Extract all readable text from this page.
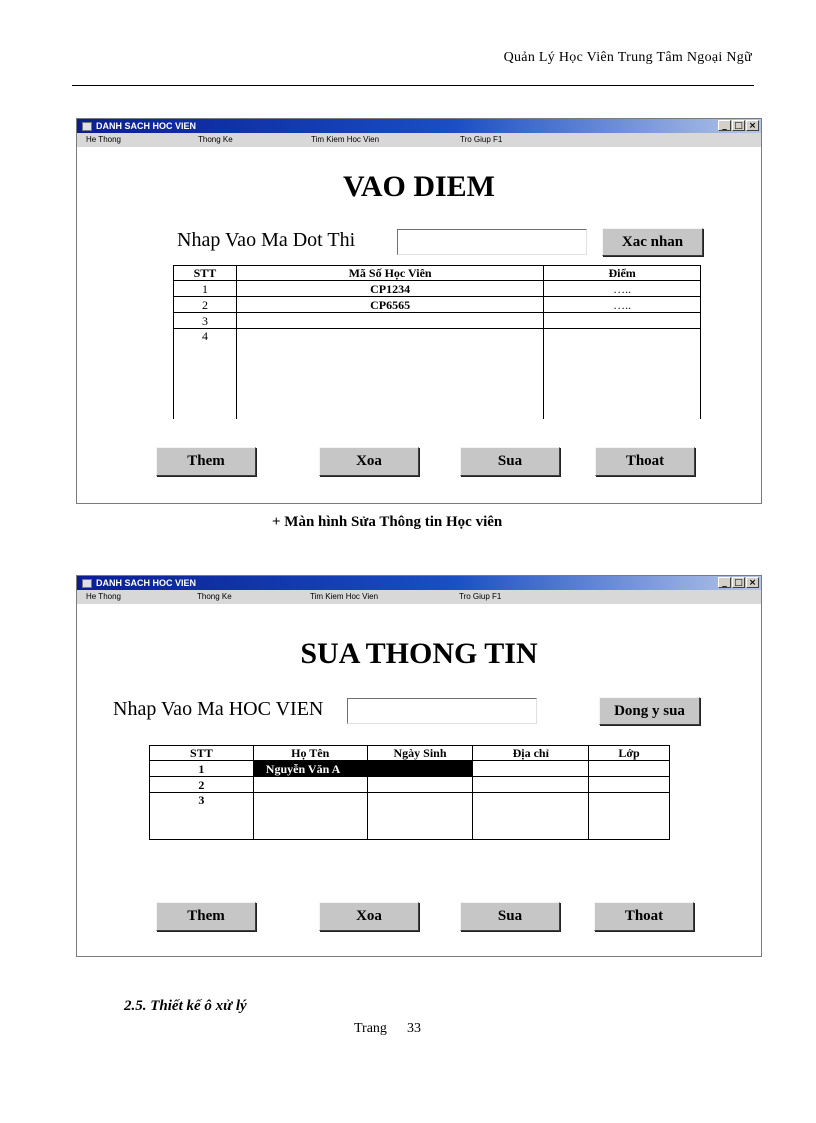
Quản Lý Học Viên Trung Tâm Ngoại Ngữ
DANH SACH HOC VIEN	_ □ ×
He Thong	Thong Ke	Tim Kiem Hoc Vien	Tro Giup F1
VAO DIEM
Nhap Vao Ma Dot Thi	Xac nhan
STT	Mã Số Học Viên	Điểm
1	CP1234	…..
2	CP6565	…..
3		
4		
Them	Xoa	Sua	Thoat
+ Màn hình Sửa Thông tin Học viên
DANH SACH HOC VIEN	_ □ ×
He Thong	Thong Ke	Tim Kiem Hoc Vien	Tro Giup F1
SUA THONG TIN
Nhap Vao Ma HOC VIEN	Dong y sua
STT	Họ Tên	Ngày Sinh	Địa chỉ	Lớp
1	Nguyễn Văn A			
2				
3				
Them	Xoa	Sua	Thoat
2.5. Thiết kế ô xử lý
Trang 33
